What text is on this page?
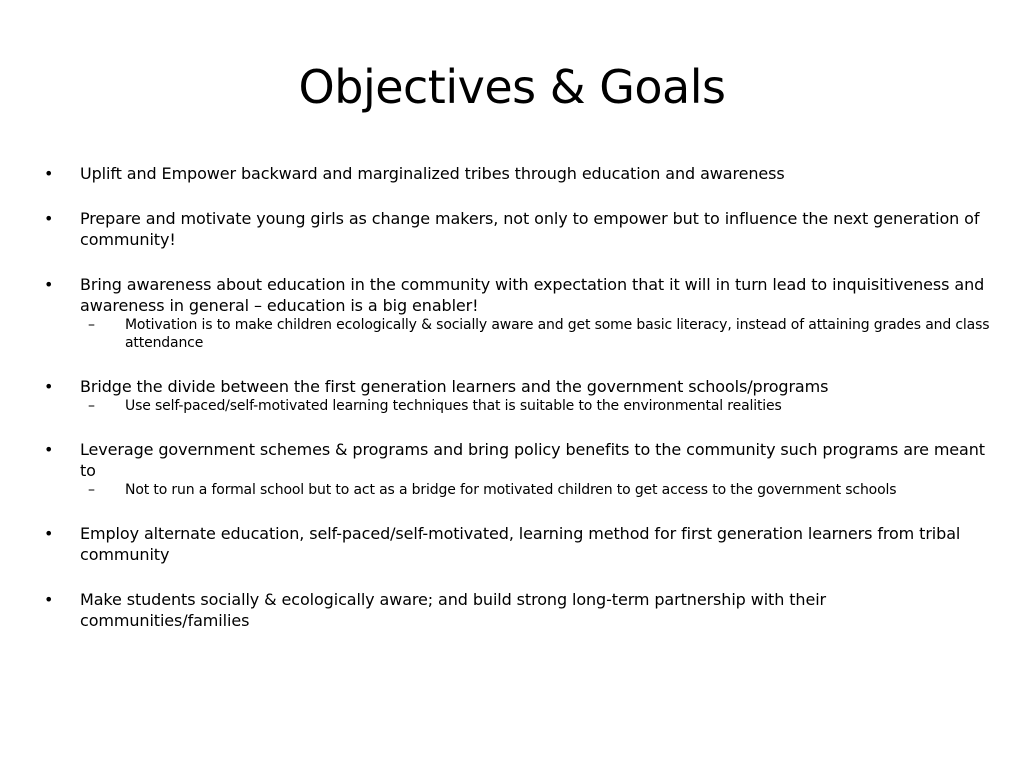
Objectives & Goals
•	Uplift and Empower backward and marginalized tribes through education and awareness
•	Prepare and motivate young girls as change makers, not only to empower but to influence the next generation of community!
•	Bring awareness about education in the community with expectation that it will in turn lead to inquisitiveness and awareness in general – education is a big enabler!
–	Motivation is to make children ecologically & socially aware and get some basic literacy, instead of attaining grades and class attendance
•	Bridge the divide between the first generation learners and the government schools/programs
–	Use self-paced/self-motivated learning techniques that is suitable to the environmental realities
•	Leverage government schemes & programs and bring policy benefits to the community such programs are meant to
–	Not to run a formal school but to act as a bridge for motivated children to get access to the government schools
•	Employ alternate education, self-paced/self-motivated, learning method for first generation learners from tribal community
•	Make students socially & ecologically aware; and build strong long-term partnership with their communities/families
